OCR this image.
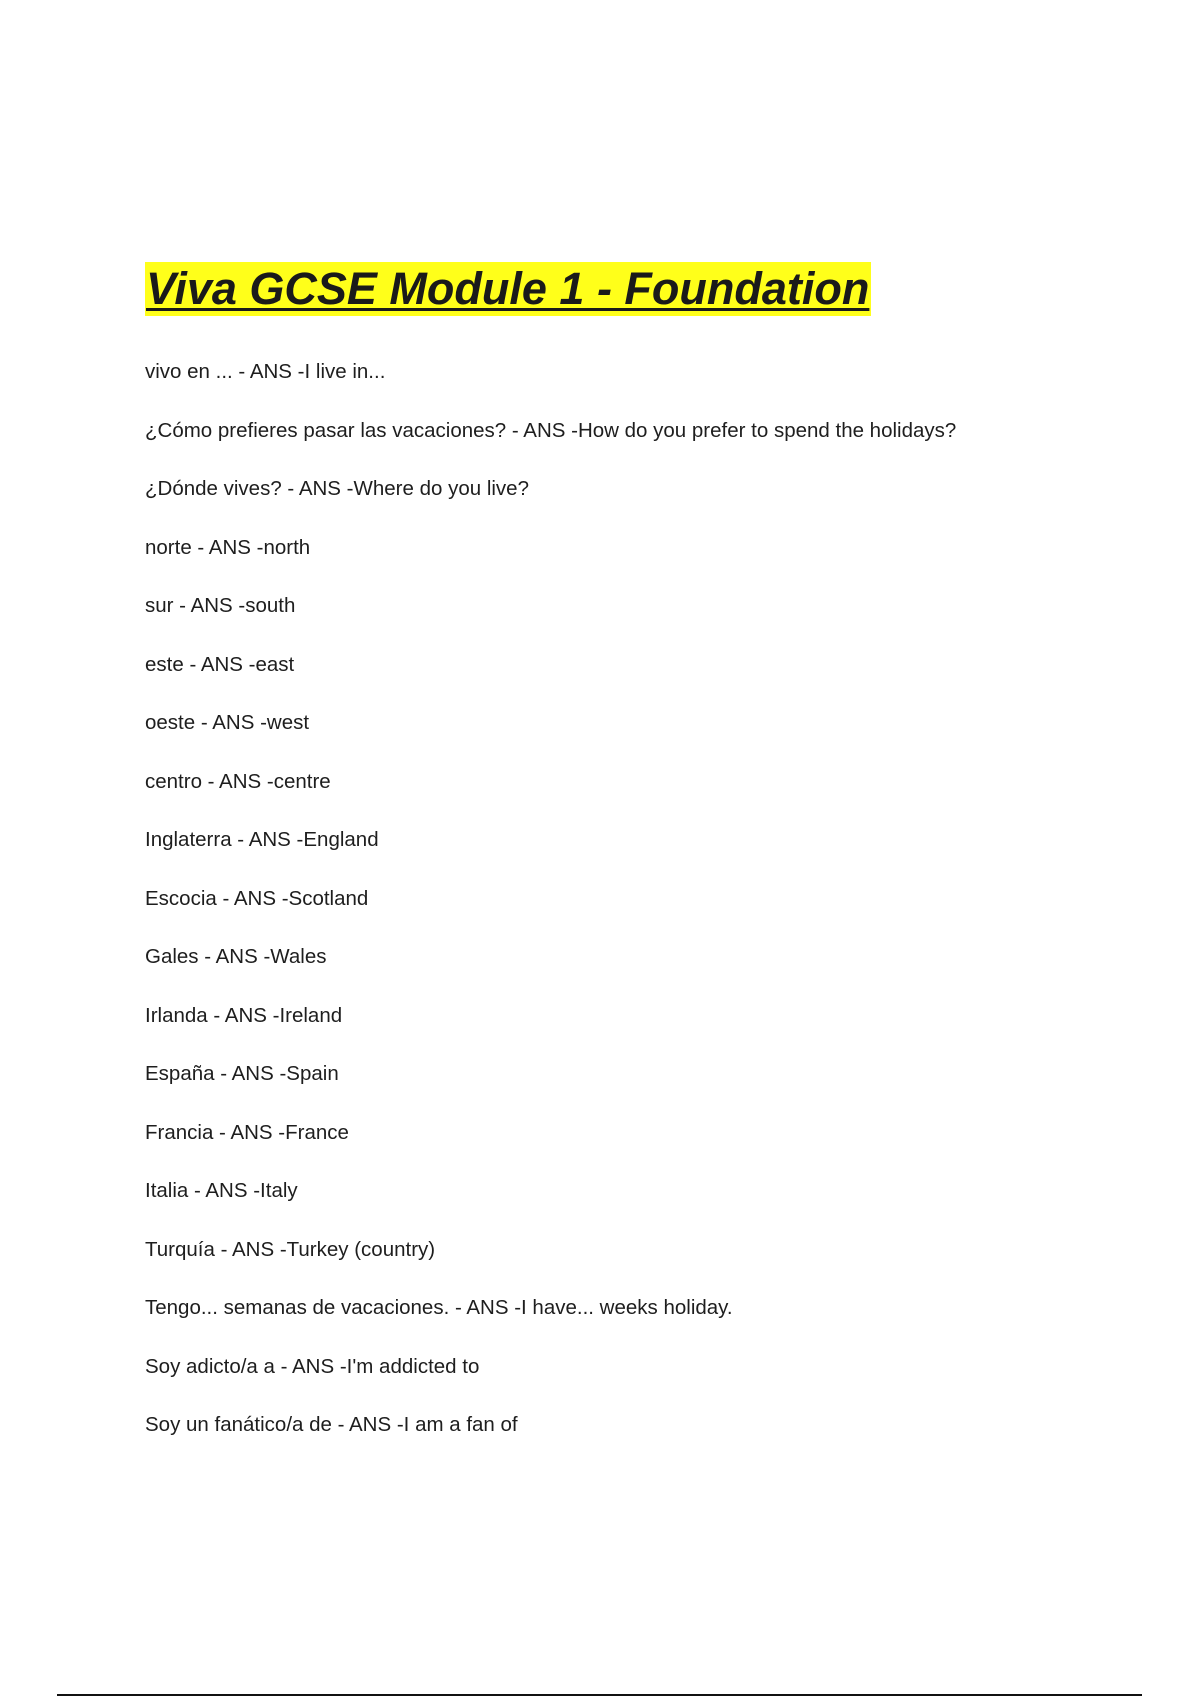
Viva GCSE Module 1 - Foundation
vivo en ... - ANS -I live in...
¿Cómo prefieres pasar las vacaciones? - ANS -How do you prefer to spend the holidays?
¿Dónde vives? - ANS -Where do you live?
norte - ANS -north
sur - ANS -south
este - ANS -east
oeste - ANS -west
centro - ANS -centre
Inglaterra - ANS -England
Escocia - ANS -Scotland
Gales - ANS -Wales
Irlanda - ANS -Ireland
España - ANS -Spain
Francia - ANS -France
Italia - ANS -Italy
Turquía - ANS -Turkey (country)
Tengo... semanas de vacaciones. - ANS -I have... weeks holiday.
Soy adicto/a a - ANS -I'm addicted to
Soy un fanático/a de - ANS -I am a fan of
